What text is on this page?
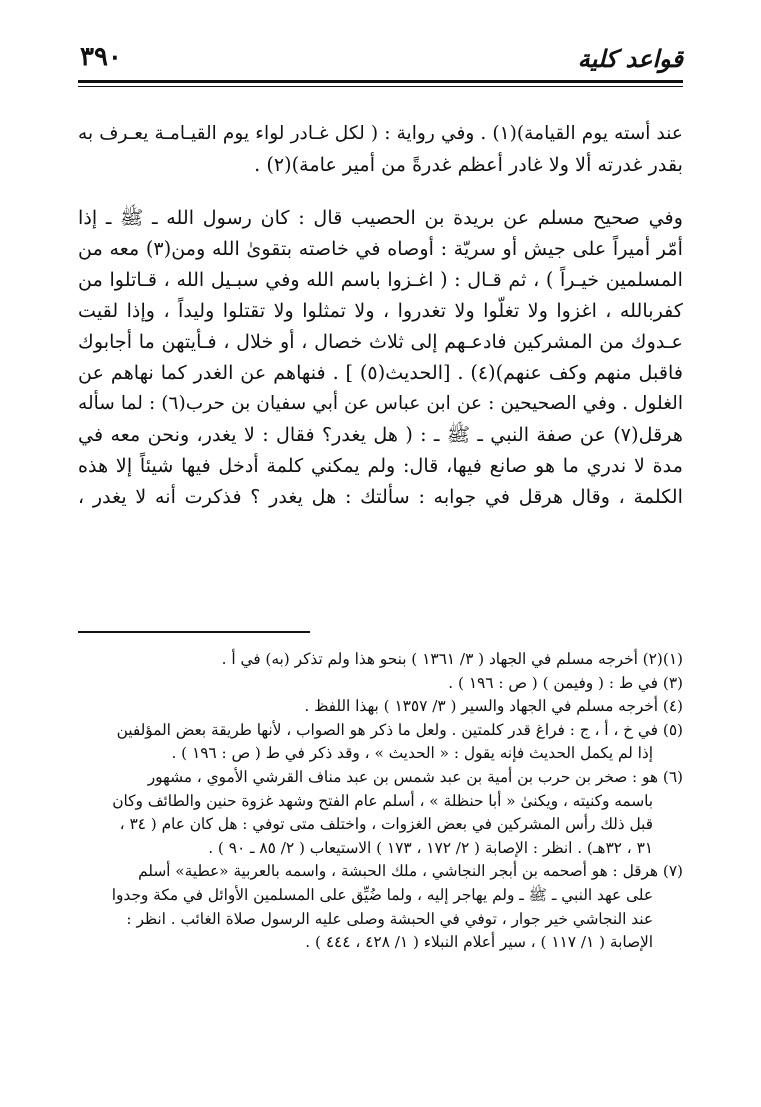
قواعد كلية
٣٩٠

عند أسته يوم القيامة)(١) . وفي رواية : ( لكل غـادر لواء يوم القيـامـة يعـرف به
بقدر غدرته ألا ولا غادر أعظم غدرةً من أمير عامة)(٢) .

وفي صحيح مسلم عن بريدة بن الحصيب قال : كان رسول الله ـ ﷺ ـ إذا
أمّر أميراً على جيش أو سريّة : أوصاه في خاصته بتقوىٰ الله ومن(٣) معه من
المسلمين خيـراً ) ، ثم قـال : ( اغـزوا باسم الله وفي سبـيل الله ، قـاتلوا من
كفربالله ، اغزوا ولا تغلّوا ولا تغدروا ، ولا تمثلوا ولا تقتلوا وليداً ، وإذا لقيت
عـدوك من المشركين فادعـهم إلى ثلاث خصال ، أو خلال ، فـأيتهن ما أجابوك
فاقبل منهم وكف عنهم)(٤) . [الحديث(٥) ] . فنهاهم عن الغدر كما نهاهم عن
الغلول . وفي الصحيحين : عن ابن عباس عن أبي سفيان بن حرب(٦) : لما سأله
هرقل(٧) عن صفة النبي ـ ﷺ ـ : ( هل يغدر؟ فقال : لا يغدر، ونحن معه في
مدة لا ندري ما هو صانع فيها، قال: ولم يمكني كلمة أدخل فيها شيئاً إلا هذه
الكلمة ، وقال هرقل في جوابه : سألتك : هل يغدر ؟ فذكرت أنه لا يغدر ،

(١)(٢) أخرجه مسلم في الجهاد ( ٣/ ١٣٦١ ) بنحو هذا ولم تذكر (به) في أ .
(٣) في ط : ( وفيمن ) ( ص : ١٩٦ ) .
(٤) أخرجه مسلم في الجهاد والسير ( ٣/ ١٣٥٧ ) بهذا اللفظ .
(٥) في خ ، أ ، ج : فراغ قدر كلمتين . ولعل ما ذكر هو الصواب ، لأنها طريقة بعض المؤلفين
إذا لم يكمل الحديث فإنه يقول : « الحديث » ، وقد ذكر في ط ( ص : ١٩٦ ) .
(٦) هو : صخر بن حرب بن أمية بن عبد شمس بن عبد مناف القرشي الأموي ، مشهور
باسمه وكنيته ، ويكنىٰ « أبا حنظلة » ، أسلم عام الفتح وشهد غزوة حنين والطائف وكان
قبل ذلك رأس المشركين في بعض الغزوات ، واختلف متى توفي : هل كان عام ( ٣٤ ،
٣١ ، ٣٢هـ) . انظر : الإصابة ( ٢/ ١٧٢ ، ١٧٣ ) الاستيعاب ( ٢/ ٨٥ ـ ٩٠ ) .
(٧) هرقل : هو أصحمه بن أبجر النجاشي ، ملك الحبشة ، واسمه بالعربية «عطية» أسلم
على عهد النبي ـ ﷺ ـ ولم يهاجر إليه ، ولما ضُيِّق على المسلمين الأوائل في مكة وجدوا
عند النجاشي خير جوار ، توفي في الحبشة وصلى عليه الرسول صلاة الغائب . انظر :
الإصابة ( ١/ ١١٧ ) ، سير أعلام النبلاء ( ١/ ٤٢٨ ، ٤٤٤ ) .
